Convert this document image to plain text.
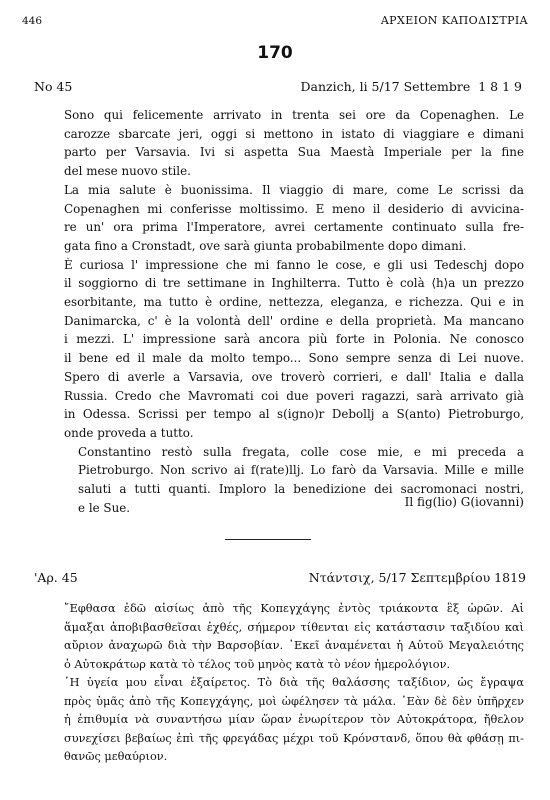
446	ΑΡΧΕΙΟΝ ΚΑΠΟΔΙΣΤΡΙΑ
170
No 45	Danzich, li 5/17 Settembre 1819

Sono qui felicemente arrivato in trenta sei ore da Copenaghen. Le
carozze sbarcate jeri, oggi si mettono in istato di viaggiare e dimani
parto per Varsavia. Ivi si aspetta Sua Maestà Imperiale per la fine
del mese nuovo stile.

La mia salute è buonissima. Il viaggio di mare, come Le scrissi da
Copenaghen mi conferisse moltissimo. E meno il desiderio di avvicina-
re un' ora prima l'Imperatore, avrei certamente continuato sulla fre-
gata fino a Cronstadt, ove sarà giunta probabilmente dopo dimani.

È curiosa l' impressione che mi fanno le cose, e gli usi Tedeschj dopo
il soggiorno di tre settimane in Inghilterra. Tutto è colà ⟨h⟩a un prezzo
esorbitante, ma tutto è ordine, nettezza, eleganza, e richezza. Qui e in
Danimarcka, c' è la volontà dell' ordine e della proprietà. Ma mancano
i mezzi. L' impressione sarà ancora più forte in Polonia. Ne conosco
il bene ed il male da molto tempo... Sono sempre senza di Lei nuove.
Spero di averle a Varsavia, ove troverò corrieri, e dall' Italia e dalla
Russia. Credo che Mavromati coi due poveri ragazzi, sarà arrivato già
in Odessa. Scrissi per tempo al s(igno)r Debollj a S(anto) Pietroburgo,
onde proveda a tutto.

Constantino restò sulla fregata, colle cose mie, e mi preceda a
Pietroburgo. Non scrivo ai f(rate)llj. Lo farò da Varsavia. Mille e mille
saluti a tutti quanti. Imploro la benedizione dei sacromonaci nostri,
e le Sue.	Il fig(lio) G(iovanni)
'Αρ. 45	Ντάντσιχ, 5/17 Σεπτεμβρίου 1819

῎Εφθασα ἐδῶ αἰσίως ἀπὸ τῆς Κοπεγχάγης ἐντὸς τριάκοντα ἓξ ὡρῶν. Αἱ
ἅμαξαι ἀποβιβασθεῖσαι ἐχθές, σήμερον τίθενται εἰς κατάστασιν ταξιδίου καὶ
αὔριον ἀναχωρῶ διὰ τὴν Βαρσοβίαν. ᾿Εκεῖ ἀναμένεται ἡ Αὐτοῦ Μεγαλειότης
ὁ Αὐτοκράτωρ κατὰ τὸ τέλος τοῦ μηνὸς κατὰ τὸ νέον ἡμερολόγιον.

῾Η ὑγεία μου εἶναι ἐξαίρετος. Τὸ διὰ τῆς θαλάσσης ταξίδιον, ὡς ἔγραψα
πρὸς ὑμᾶς ἀπὸ τῆς Κοπεγχάγης, μοὶ ὠφέλησεν τὰ μάλα. ᾿Εὰν δὲ δὲν ὑπῆρχεν
ἡ ἐπιθυμία νὰ συναντήσω μίαν ὥραν ἐνωρίτερον τὸν Αὐτοκράτορα, ἤθελον
συνεχίσει βεβαίως ἐπὶ τῆς φρεγάδας μέχρι τοῦ Κρόνστανδ, ὅπου θὰ φθάσῃ πι-
θανῶς μεθαύριον.
